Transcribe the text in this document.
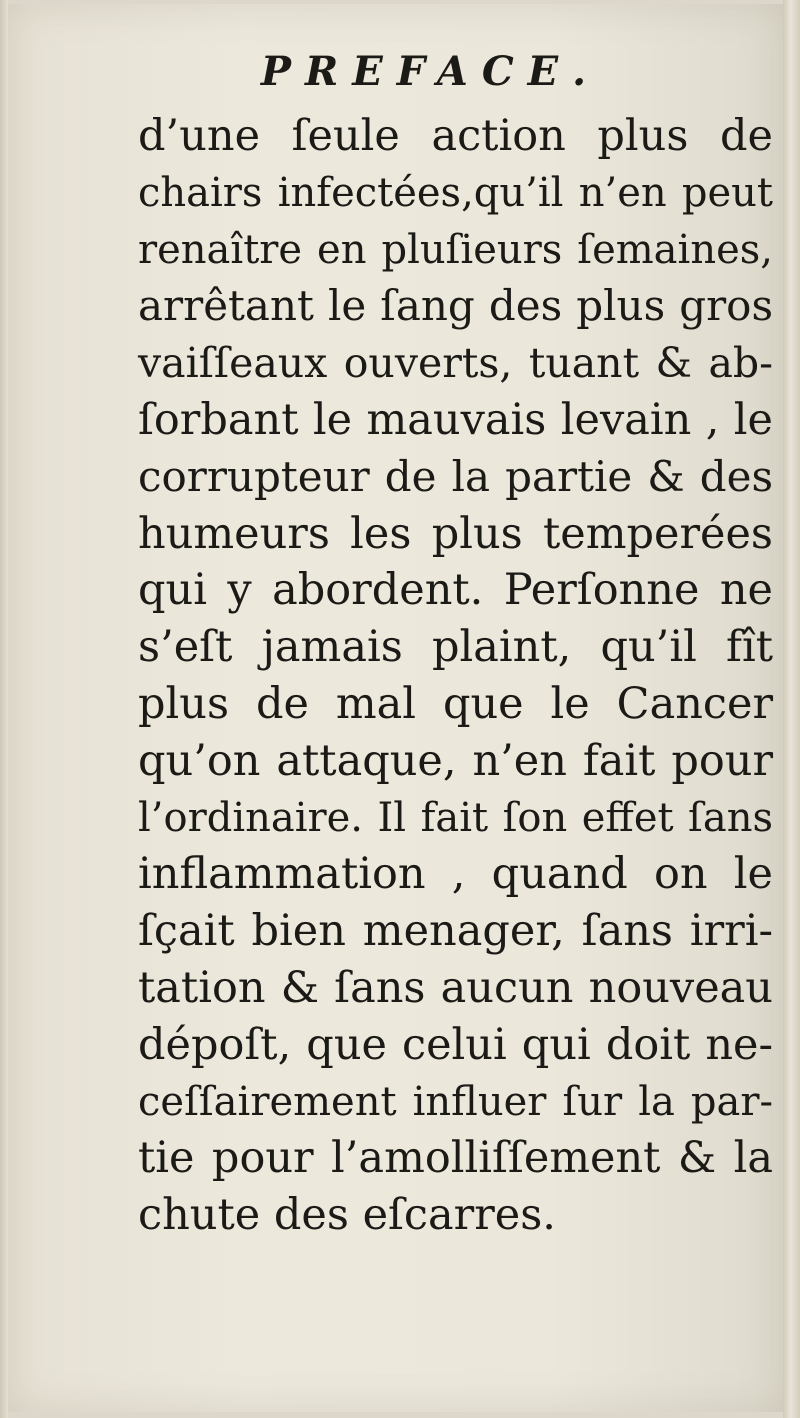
PREFACE.
d’une ſeule action plus de
chairs infectées,qu’il n’en peut
renaître en pluſieurs ſemaines,
arrêtant le ſang des plus gros
vaiſſeaux ouverts, tuant & ab-
ſorbant le mauvais levain , le
corrupteur de la partie & des
humeurs les plus temperées
qui y abordent. Perſonne ne
s’eſt jamais plaint, qu’il fît
plus de mal que le Cancer
qu’on attaque, n’en fait pour
l’ordinaire. Il fait ſon effet ſans
inflammation , quand on le
ſçait bien menager, ſans irri-
tation & ſans aucun nouveau
dépoſt, que celui qui doit ne-
ceſſairement influer ſur la par-
tie pour l’amolliſſement & la
chute des eſcarres.
